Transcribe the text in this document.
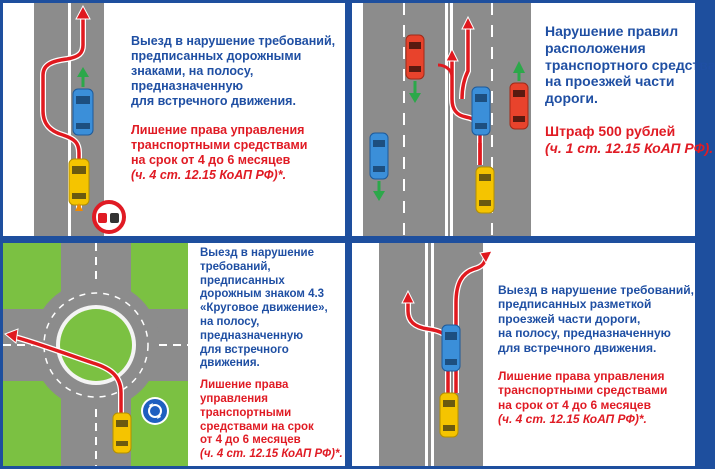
Выезд в нарушение требований,
предписанных дорожными
знаками, на полосу,
предназначенную
для встречного движения.
Лишение права управления
транспортными средствами
на срок от 4 до 6 месяцев
(ч. 4 ст. 12.15 КоАП РФ)*.
Нарушение правил
расположения
транспортного средства
на проезжей части
дороги.
Штраф 500 рублей
(ч. 1 ст. 12.15 КоАП РФ).
Выезд в нарушение
требований,
предписанных
дорожным знаком 4.3
«Круговое движение»,
на полосу,
предназначенную
для встречного
движения.
Лишение права
управления
транспортными
средствами на срок
от 4 до 6 месяцев
(ч. 4 ст. 12.15 КоАП РФ)*.
Выезд в нарушение требований,
предписанных разметкой
проезжей части дороги,
на полосу, предназначенную
для встречного движения.
Лишение права управления
транспортными средствами
на срок от 4 до 6 месяцев
(ч. 4 ст. 12.15 КоАП РФ)*.
